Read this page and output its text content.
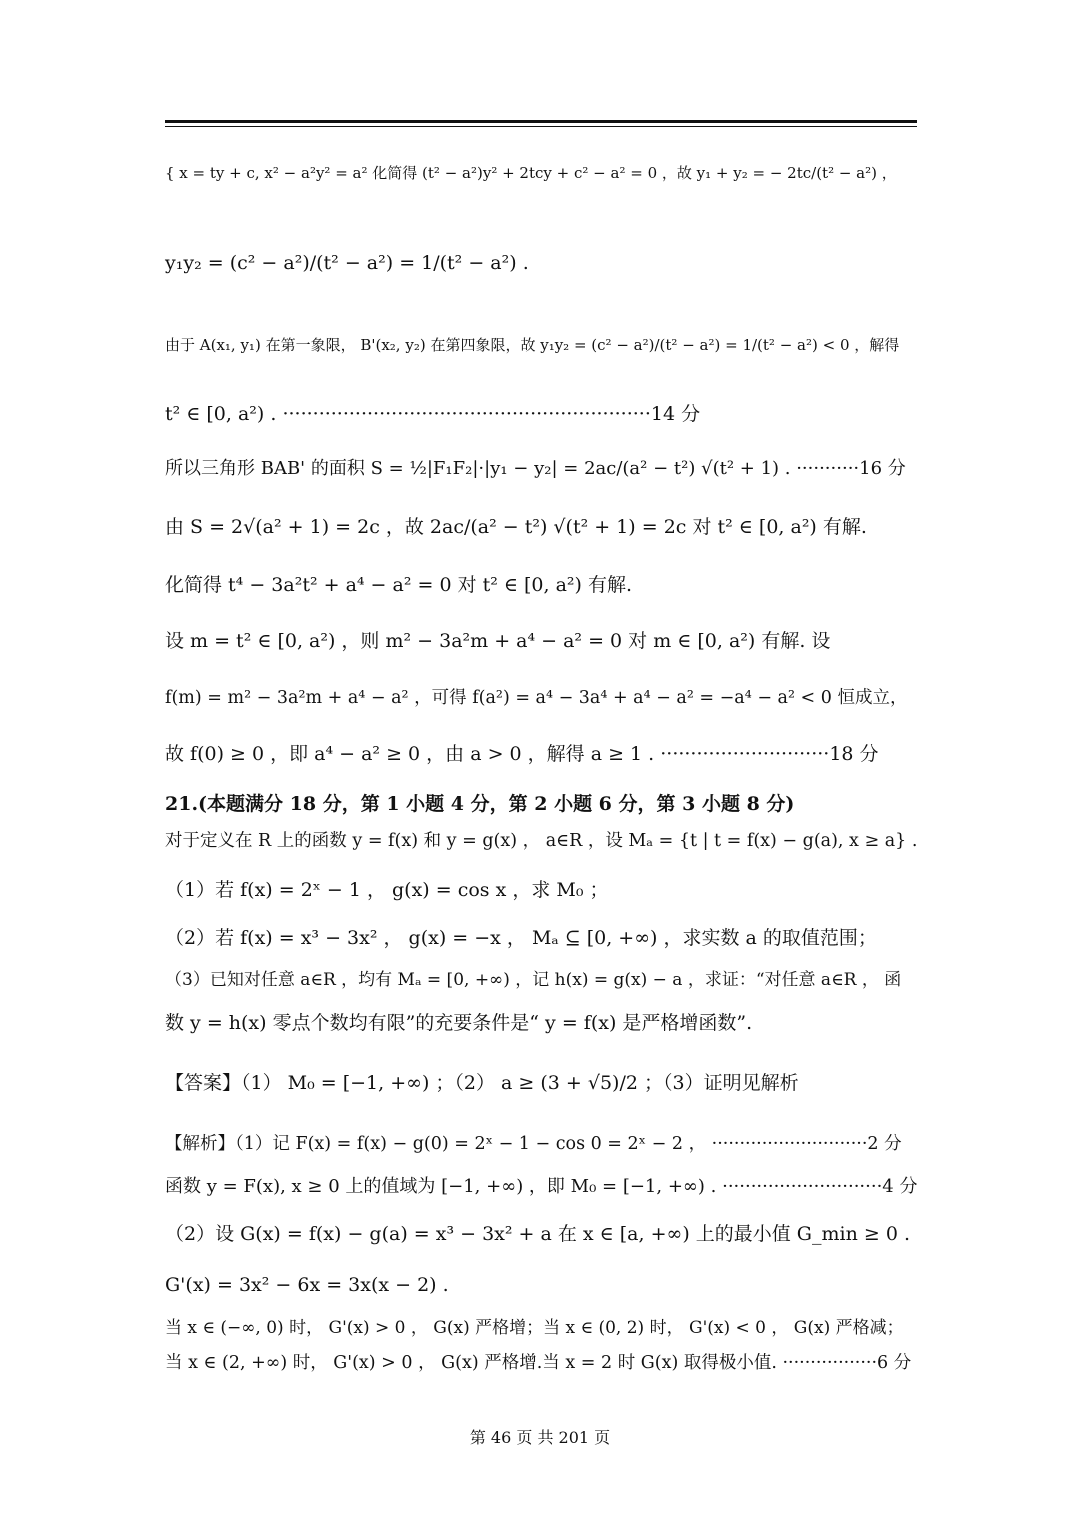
{ x = ty + c, x² − a²y² = a² 化简得 (t² − a²)y² + 2tcy + c² − a² = 0 ，故 y₁ + y₂ = − 2tc/(t² − a²) ，
y₁y₂ = (c² − a²)/(t² − a²) = 1/(t² − a²) .
由于 A(x₁, y₁) 在第一象限， B'(x₂, y₂) 在第四象限，故 y₁y₂ = (c² − a²)/(t² − a²) = 1/(t² − a²) < 0 ，解得
t² ∈ [0, a²) . ·····························································14 分
所以三角形 BAB' 的面积 S = ½|F₁F₂|·|y₁ − y₂| = 2ac/(a² − t²) √(t² + 1) . ···········16 分
由 S = 2√(a² + 1) = 2c ，故 2ac/(a² − t²) √(t² + 1) = 2c 对 t² ∈ [0, a²) 有解.
化简得 t⁴ − 3a²t² + a⁴ − a² = 0 对 t² ∈ [0, a²) 有解.
设 m = t² ∈ [0, a²) ，则 m² − 3a²m + a⁴ − a² = 0 对 m ∈ [0, a²) 有解. 设
f(m) = m² − 3a²m + a⁴ − a² ，可得 f(a²) = a⁴ − 3a⁴ + a⁴ − a² = −a⁴ − a² < 0 恒成立，
故 f(0) ≥ 0 ，即 a⁴ − a² ≥ 0 ，由 a > 0 ，解得 a ≥ 1 . ····························18 分
21.(本题满分 18 分，第 1 小题 4 分，第 2 小题 6 分，第 3 小题 8 分)
对于定义在 R 上的函数 y = f(x) 和 y = g(x) ， a∈R ，设 Mₐ = {t | t = f(x) − g(a), x ≥ a} .
（1）若 f(x) = 2ˣ − 1 ， g(x) = cos x ，求 M₀ ；
（2）若 f(x) = x³ − 3x² ， g(x) = −x ， Mₐ ⊆ [0, +∞) ，求实数 a 的取值范围；
（3）已知对任意 a∈R ，均有 Mₐ = [0, +∞) ，记 h(x) = g(x) − a ，求证：“对任意 a∈R ， 函
数 y = h(x) 零点个数均有限”的充要条件是“ y = f(x) 是严格增函数”.
【答案】（1） M₀ = [−1, +∞) ；（2） a ≥ (3 + √5)/2 ；（3）证明见解析
【解析】（1）记 F(x) = f(x) − g(0) = 2ˣ − 1 − cos 0 = 2ˣ − 2 ， ····························2 分
函数 y = F(x), x ≥ 0 上的值域为 [−1, +∞) ，即 M₀ = [−1, +∞) . ····························4 分
（2）设 G(x) = f(x) − g(a) = x³ − 3x² + a 在 x ∈ [a, +∞) 上的最小值 G_min ≥ 0 .
G'(x) = 3x² − 6x = 3x(x − 2) .
当 x ∈ (−∞, 0) 时， G'(x) > 0 ， G(x) 严格增；当 x ∈ (0, 2) 时， G'(x) < 0 ， G(x) 严格减；
当 x ∈ (2, +∞) 时， G'(x) > 0 ， G(x) 严格增.当 x = 2 时 G(x) 取得极小值. ·················6 分
第 46 页 共 201 页
